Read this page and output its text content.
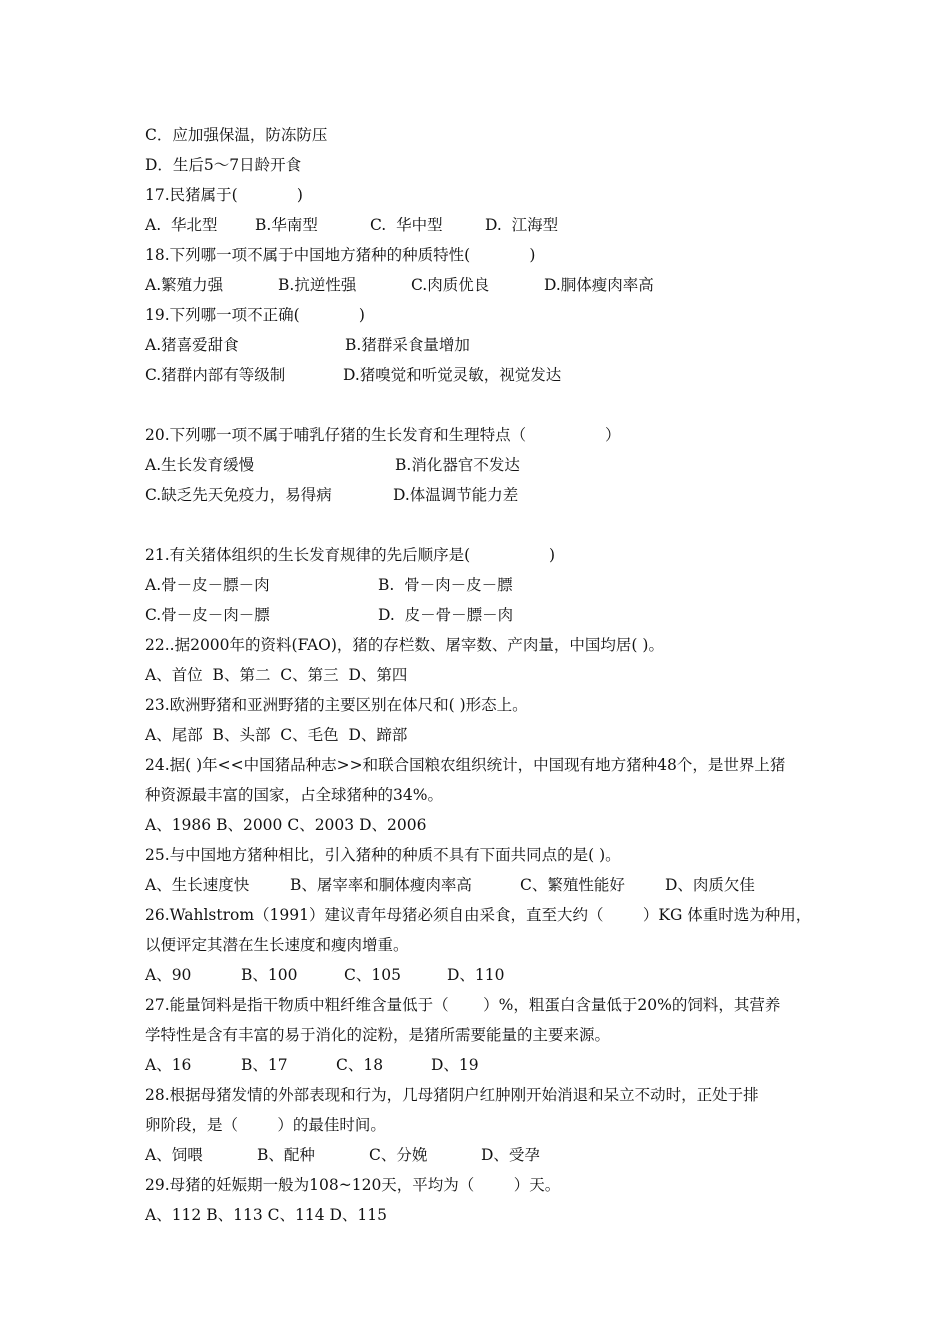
C．应加强保温，防冻防压
D．生后5～7日龄开食
17.民猪属于(            )
A.  华北型	B.华南型	C.  华中型	D.  江海型
18.下列哪一项不属于中国地方猪种的种质特性(            )
A.繁殖力强	B.抗逆性强	C.肉质优良	D.胴体瘦肉率高
19.下列哪一项不正确(            )
A.猪喜爱甜食	B.猪群采食量增加
C.猪群内部有等级制	D.猪嗅觉和听觉灵敏，视觉发达
20.下列哪一项不属于哺乳仔猪的生长发育和生理特点（                ）
A.生长发育缓慢	B.消化器官不发达
C.缺乏先天免疫力，易得病	D.体温调节能力差
21.有关猪体组织的生长发育规律的先后顺序是(                )
A.骨－皮－膘－肉	B.  骨－肉－皮－膘
C.骨－皮－肉－膘	D.  皮－骨－膘－肉
22..据2000年的资料(FAO)，猪的存栏数、屠宰数、产肉量，中国均居( )。
A、首位  B、第二  C、第三  D、第四
23.欧洲野猪和亚洲野猪的主要区别在体尺和( )形态上。
A、尾部  B、头部  C、毛色  D、蹄部
24.据( )年<<中国猪品种志>>和联合国粮农组织统计，中国现有地方猪种48个，是世界上猪
种资源最丰富的国家，占全球猪种的34%。
A、1986 B、2000 C、2003 D、2006
25.与中国地方猪种相比，引入猪种的种质不具有下面共同点的是( )。
A、生长速度快	B、屠宰率和胴体瘦肉率高	C、繁殖性能好	D、肉质欠佳
26.Wahlstrom（1991）建议青年母猪必须自由采食，直至大约（        ）KG 体重时选为种用，
以便评定其潜在生长速度和瘦肉增重。
A、90	B、100	C、105	D、110
27.能量饲料是指干物质中粗纤维含量低于（       ）%，粗蛋白含量低于20%的饲料，其营养
学特性是含有丰富的易于消化的淀粉，是猪所需要能量的主要来源。
A、16	B、17	C、18	D、19
28.根据母猪发情的外部表现和行为，几母猪阴户红肿刚开始消退和呆立不动时，正处于排
卵阶段，是（        ）的最佳时间。
A、饲喂	B、配种	C、分娩	D、受孕
29.母猪的妊娠期一般为108~120天，平均为（        ）天。
A、112 B、113 C、114 D、115
